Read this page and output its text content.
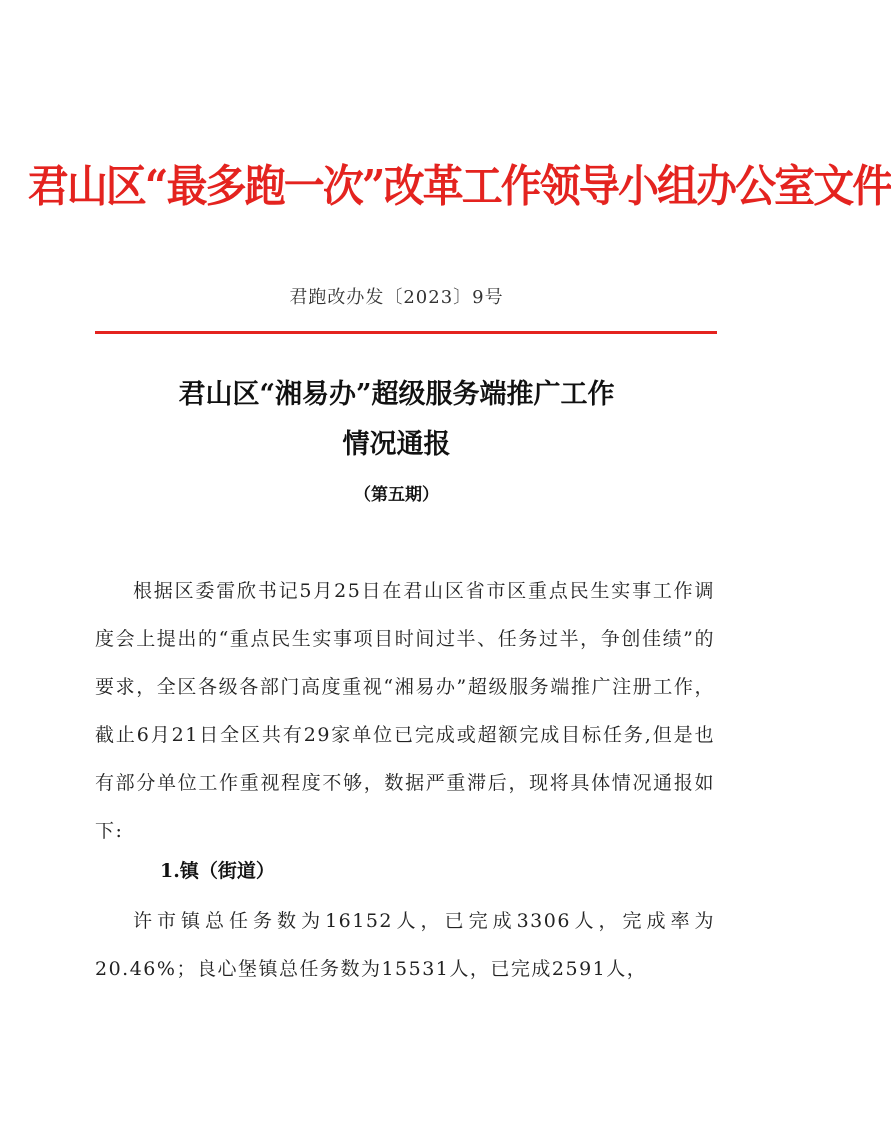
君山区“最多跑一次”改革工作领导小组办公室文件
君跑改办发〔2023〕9号
君山区“湘易办”超级服务端推广工作
情况通报
（第五期）
根据区委雷欣书记5月25日在君山区省市区重点民生实事工作调度会上提出的“重点民生实事项目时间过半、任务过半，争创佳绩”的要求，全区各级各部门高度重视“湘易办”超级服务端推广注册工作，截止6月21日全区共有29家单位已完成或超额完成目标任务,但是也有部分单位工作重视程度不够，数据严重滞后，现将具体情况通报如下:
1.镇（街道）
许市镇总任务数为16152人，已完成3306人，完成率为20.46%；良心堡镇总任务数为15531人，已完成2591人，
